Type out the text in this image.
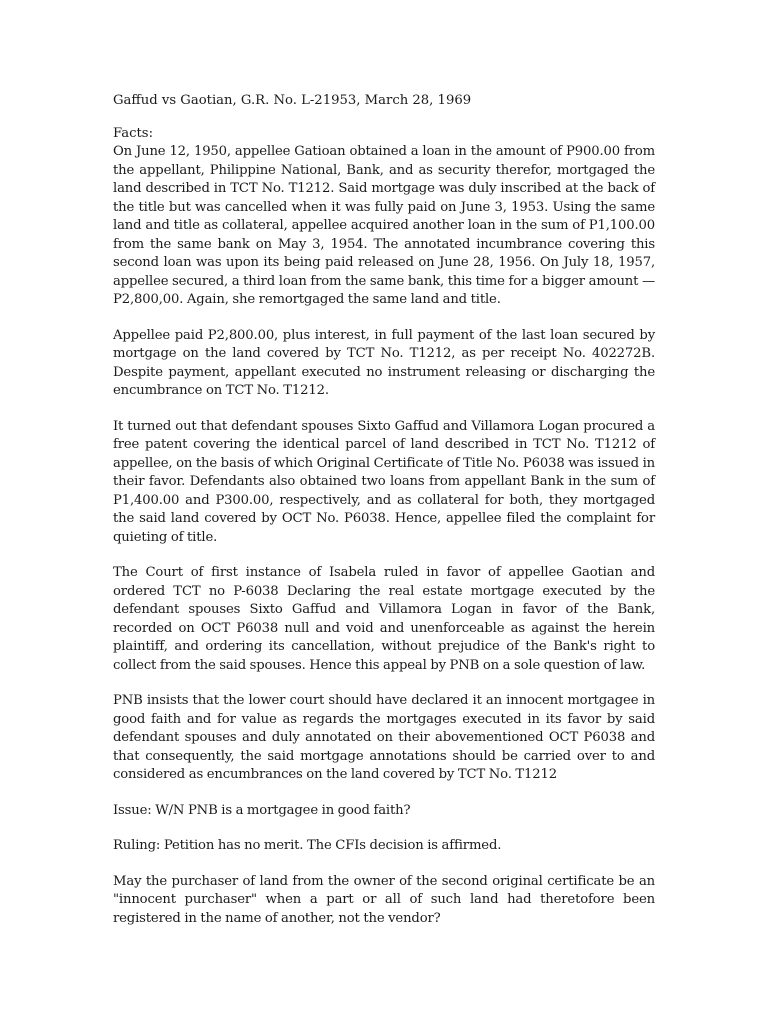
Gaffud vs Gaotian, G.R. No. L-21953, March 28, 1969

Facts:

On June 12, 1950, appellee Gatioan obtained a loan in the amount of P900.00 from the appellant, Philippine National, Bank, and as security therefor, mortgaged the land described in TCT No. T1212. Said mortgage was duly inscribed at the back of the title but was cancelled when it was fully paid on June 3, 1953. Using the same land and title as collateral, appellee acquired another loan in the sum of P1,100.00 from the same bank on May 3, 1954. The annotated incumbrance covering this second loan was upon its being paid released on June 28, 1956. On July 18, 1957, appellee secured, a third loan from the same bank, this time for a bigger amount — P2,800,00. Again, she remortgaged the same land and title.

Appellee paid P2,800.00, plus interest, in full payment of the last loan secured by mortgage on the land covered by TCT No. T1212, as per receipt No. 402272B. Despite payment, appellant executed no instrument releasing or discharging the encumbrance on TCT No. T1212.

It turned out that defendant spouses Sixto Gaffud and Villamora Logan procured a free patent covering the identical parcel of land described in TCT No. T1212 of appellee, on the basis of which Original Certificate of Title No. P6038 was issued in their favor. Defendants also obtained two loans from appellant Bank in the sum of P1,400.00 and P300.00, respectively, and as collateral for both, they mortgaged the said land covered by OCT No. P6038. Hence, appellee filed the complaint for quieting of title.

The Court of first instance of Isabela ruled in favor of appellee Gaotian and ordered TCT no P-6038 Declaring the real estate mortgage executed by the defendant spouses Sixto Gaffud and Villamora Logan in favor of the Bank, recorded on OCT P6038 null and void and unenforceable as against the herein plaintiff, and ordering its cancellation, without prejudice of the Bank's right to collect from the said spouses. Hence this appeal by PNB on a sole question of law.

PNB insists that the lower court should have declared it an innocent mortgagee in good faith and for value as regards the mortgages executed in its favor by said defendant spouses and duly annotated on their abovementioned OCT P6038 and that consequently, the said mortgage annotations should be carried over to and considered as encumbrances on the land covered by TCT No. T1212

Issue: W/N PNB is a mortgagee in good faith?

Ruling: Petition has no merit. The CFIs decision is affirmed.

May the purchaser of land from the owner of the second original certificate be an "innocent purchaser" when a part or all of such land had theretofore been registered in the name of another, not the vendor?
